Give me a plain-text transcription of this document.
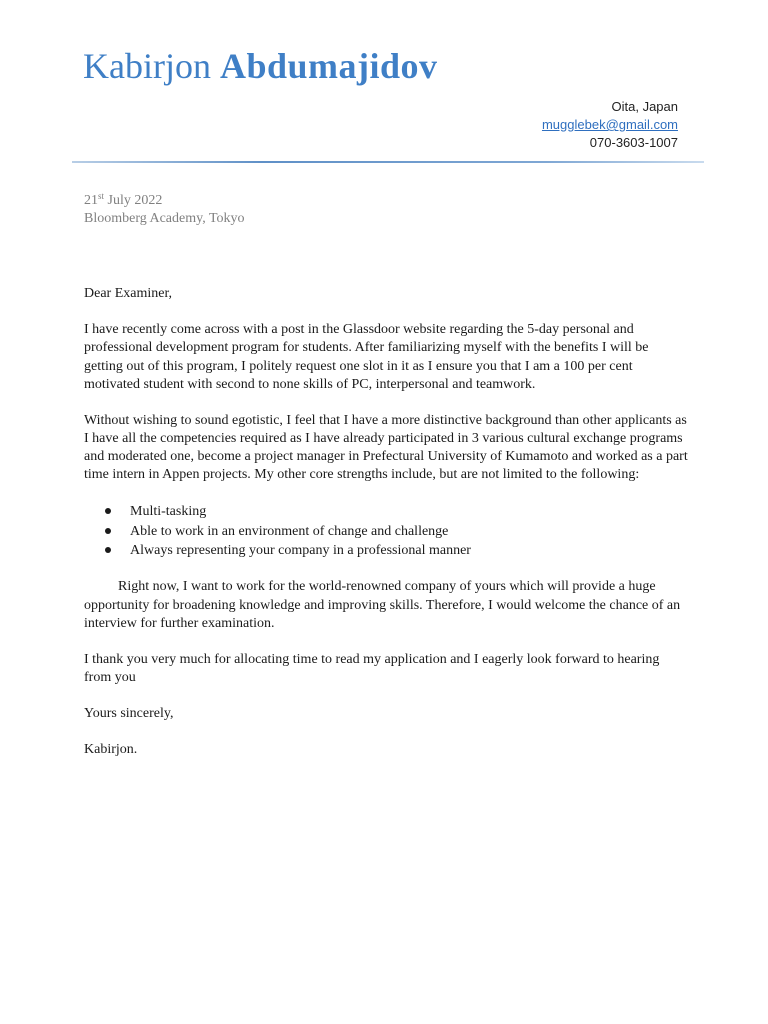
Kabirjon Abdumajidov
Oita, Japan
mugglebek@gmail.com
070-3603-1007
21st July 2022
Bloomberg Academy, Tokyo

Dear Examiner,

I have recently come across with a post in the Glassdoor website regarding the 5-day personal and professional development program for students. After familiarizing myself with the benefits I will be getting out of this program, I politely request one slot in it as I ensure you that I am a 100 per cent motivated student with second to none skills of PC, interpersonal and teamwork.

Without wishing to sound egotistic, I feel that I have a more distinctive background than other applicants as I have all the competencies required as I have already participated in 3 various cultural exchange programs and moderated one, become a project manager in Prefectural University of Kumamoto and worked as a part time intern in Appen projects. My other core strengths include, but are not limited to the following:

Multi-tasking
Able to work in an environment of change and challenge
Always representing your company in a professional manner

Right now, I want to work for the world-renowned company of yours which will provide a huge opportunity for broadening knowledge and improving skills. Therefore, I would welcome the chance of an interview for further examination.

I thank you very much for allocating time to read my application and I eagerly look forward to hearing from you

Yours sincerely,

Kabirjon.
